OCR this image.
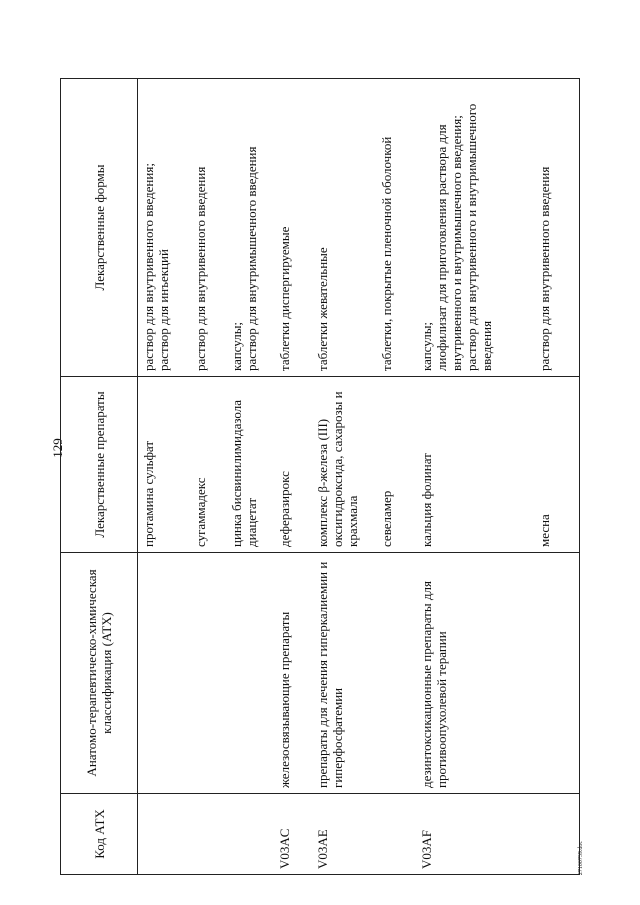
129
Код АТХ	Анатомо-терапевтическо-химическая классификация (АТХ)	Лекарственные препараты	Лекарственные формы
		протамина сульфат	раствор для внутривенного введения; раствор для инъекций

		сугаммадекс	раствор для внутривенного введения

		цинка бисвинилимидазола диацетат	капсулы; раствор для внутримышечного введения

V03AC	железосвязывающие препараты	деферазирокс	таблетки диспергируемые

V03AE	препараты для лечения гиперкалиемии и гиперфосфатемии	комплекс β-железа (III) оксигидроксида, сахарозы и крахмала	таблетки жевательные

		севеламер	таблетки, покрытые пленочной оболочкой

V03AF	дезинтоксикационные препараты для противоопухолевой терапии	кальция фолинат	капсулы; лиофилизат для приготовления раствора для внутривенного и внутримышечного введения; раствор для внутривенного и внутримышечного введения

		месна	раствор для внутривенного введения
27100759.doc
